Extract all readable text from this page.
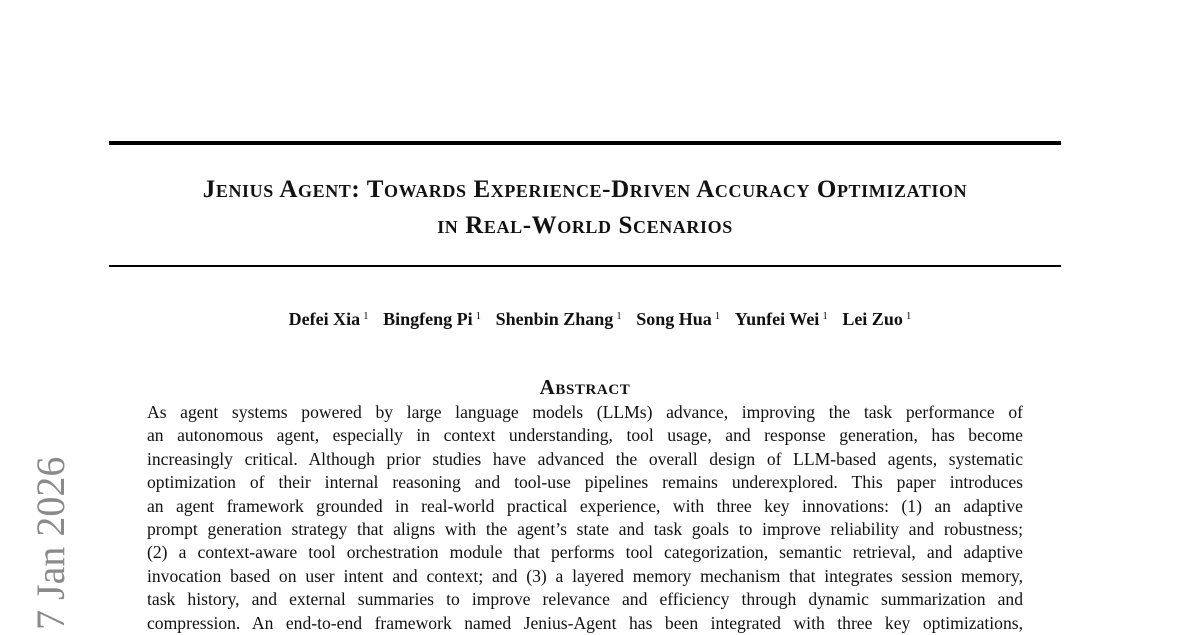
Jenius Agent: Towards Experience-Driven Accuracy Optimization
in Real-World Scenarios
Defei Xia $^1$ Bingfeng Pi $^1$ Shenbin Zhang $^1$ Song Hua $^1$ Yunfei Wei $^1$ Lei Zuo $^1$
Abstract
As agent systems powered by large language models (LLMs) advance, improving the task performance of
an autonomous agent, especially in context understanding, tool usage, and response generation, has become
increasingly critical. Although prior studies have advanced the overall design of LLM-based agents, systematic
optimization of their internal reasoning and tool-use pipelines remains underexplored. This paper introduces
an agent framework grounded in real-world practical experience, with three key innovations: (1) an adaptive
prompt generation strategy that aligns with the agent’s state and task goals to improve reliability and robustness;
(2) a context-aware tool orchestration module that performs tool categorization, semantic retrieval, and adaptive
invocation based on user intent and context; and (3) a layered memory mechanism that integrates session memory,
task history, and external summaries to improve relevance and efficiency through dynamic summarization and
compression. An end-to-end framework named Jenius-Agent has been integrated with three key optimizations,
7 Jan 2026
